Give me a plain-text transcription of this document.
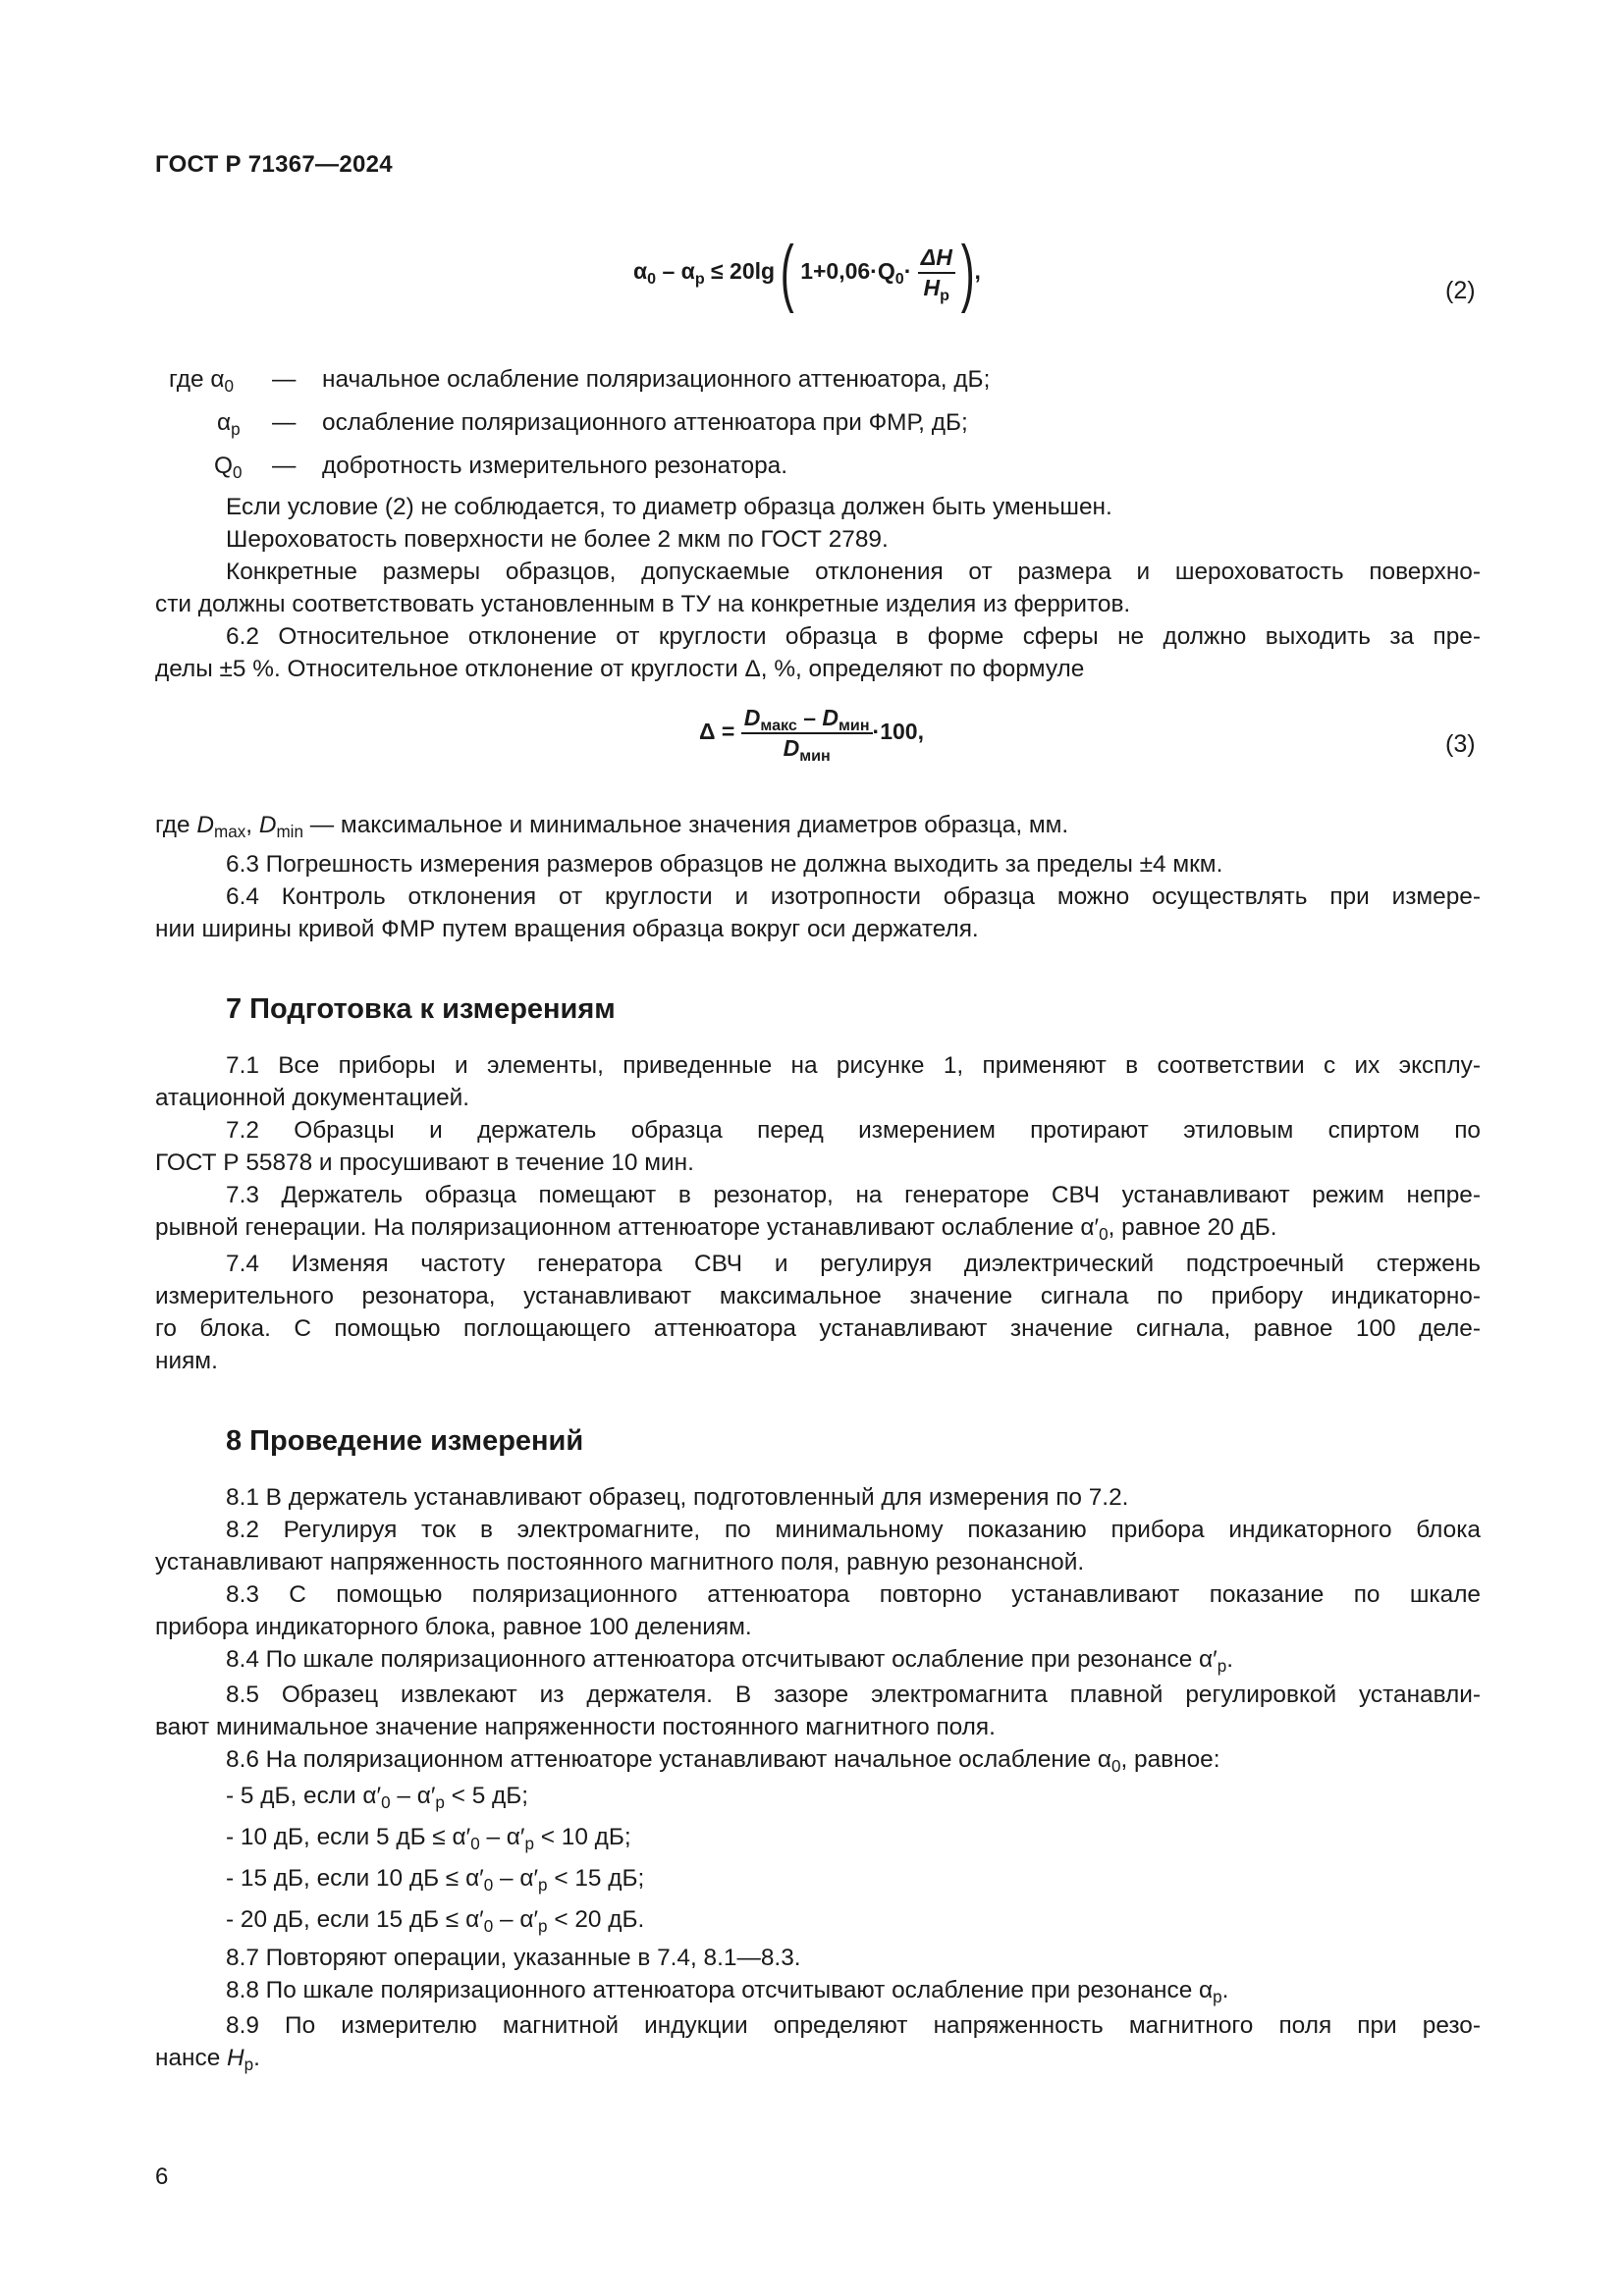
ГОСТ Р 71367—2024
$\alpha_0 - \alpha_р \le 20\lg$ ( $1+0,06\cdot Q_0\cdot \frac{\Delta H}{H_р}$ ),
(2)
где $\alpha_0$ — начальное ослабление поляризационного аттенюатора, дБ;
$\alpha_р$ — ослабление поляризационного аттенюатора при ФМР, дБ;
$Q_0$ — добротность измерительного резонатора.
Если условие (2) не соблюдается, то диаметр образца должен быть уменьшен.
Шероховатость поверхности не более 2 мкм по ГОСТ 2789.
Конкретные размеры образцов, допускаемые отклонения от размера и шероховатость поверхно-
сти должны соответствовать установленным в ТУ на конкретные изделия из ферритов.
6.2 Относительное отклонение от круглости образца в форме сферы не должно выходить за пре-
делы ±5 %. Относительное отклонение от круглости Δ, %, определяют по формуле
$\Delta = \frac{D_{макс} - D_{мин}}{D_{мин}} \cdot 100$,	(3)
где $D_{max}$, $D_{min}$ — максимальное и минимальное значения диаметров образца, мм.
6.3 Погрешность измерения размеров образцов не должна выходить за пределы ±4 мкм.
6.4 Контроль отклонения от круглости и изотропности образца можно осуществлять при измере-
нии ширины кривой ФМР путем вращения образца вокруг оси держателя.
7 Подготовка к измерениям
7.1 Все приборы и элементы, приведенные на рисунке 1, применяют в соответствии с их эксплу-
атационной документацией.
7.2 Образцы и держатель образца перед измерением протирают этиловым спиртом по
ГОСТ Р 55878 и просушивают в течение 10 мин.
7.3 Держатель образца помещают в резонатор, на генераторе СВЧ устанавливают режим непре-
рывной генерации. На поляризационном аттенюаторе устанавливают ослабление $\alpha'_0$, равное 20 дБ.
7.4 Изменяя частоту генератора СВЧ и регулируя диэлектрический подстроечный стержень
измерительного резонатора, устанавливают максимальное значение сигнала по прибору индикаторно-
го блока. С помощью поглощающего аттенюатора устанавливают значение сигнала, равное 100 деле-
ниям.
8 Проведение измерений
8.1 В держатель устанавливают образец, подготовленный для измерения по 7.2.
8.2 Регулируя ток в электромагните, по минимальному показанию прибора индикаторного блока
устанавливают напряженность постоянного магнитного поля, равную резонансной.
8.3 С помощью поляризационного аттенюатора повторно устанавливают показание по шкале
прибора индикаторного блока, равное 100 делениям.
8.4 По шкале поляризационного аттенюатора отсчитывают ослабление при резонансе $\alpha'_р$.
8.5 Образец извлекают из держателя. В зазоре электромагнита плавной регулировкой устанавли-
вают минимальное значение напряженности постоянного магнитного поля.
8.6 На поляризационном аттенюаторе устанавливают начальное ослабление $\alpha_0$, равное:
- 5 дБ, если $\alpha'_0 - \alpha'_р < 5$ дБ;
- 10 дБ, если 5 дБ ≤ $\alpha'_0 - \alpha'_р < 10$ дБ;
- 15 дБ, если 10 дБ ≤ $\alpha'_0 - \alpha'_р < 15$ дБ;
- 20 дБ, если 15 дБ ≤ $\alpha'_0 - \alpha'_р < 20$ дБ.
8.7 Повторяют операции, указанные в 7.4, 8.1—8.3.
8.8 По шкале поляризационного аттенюатора отсчитывают ослабление при резонансе $\alpha_р$.
8.9 По измерителю магнитной индукции определяют напряженность магнитного поля при резо-
нансе $H_р$.
6
